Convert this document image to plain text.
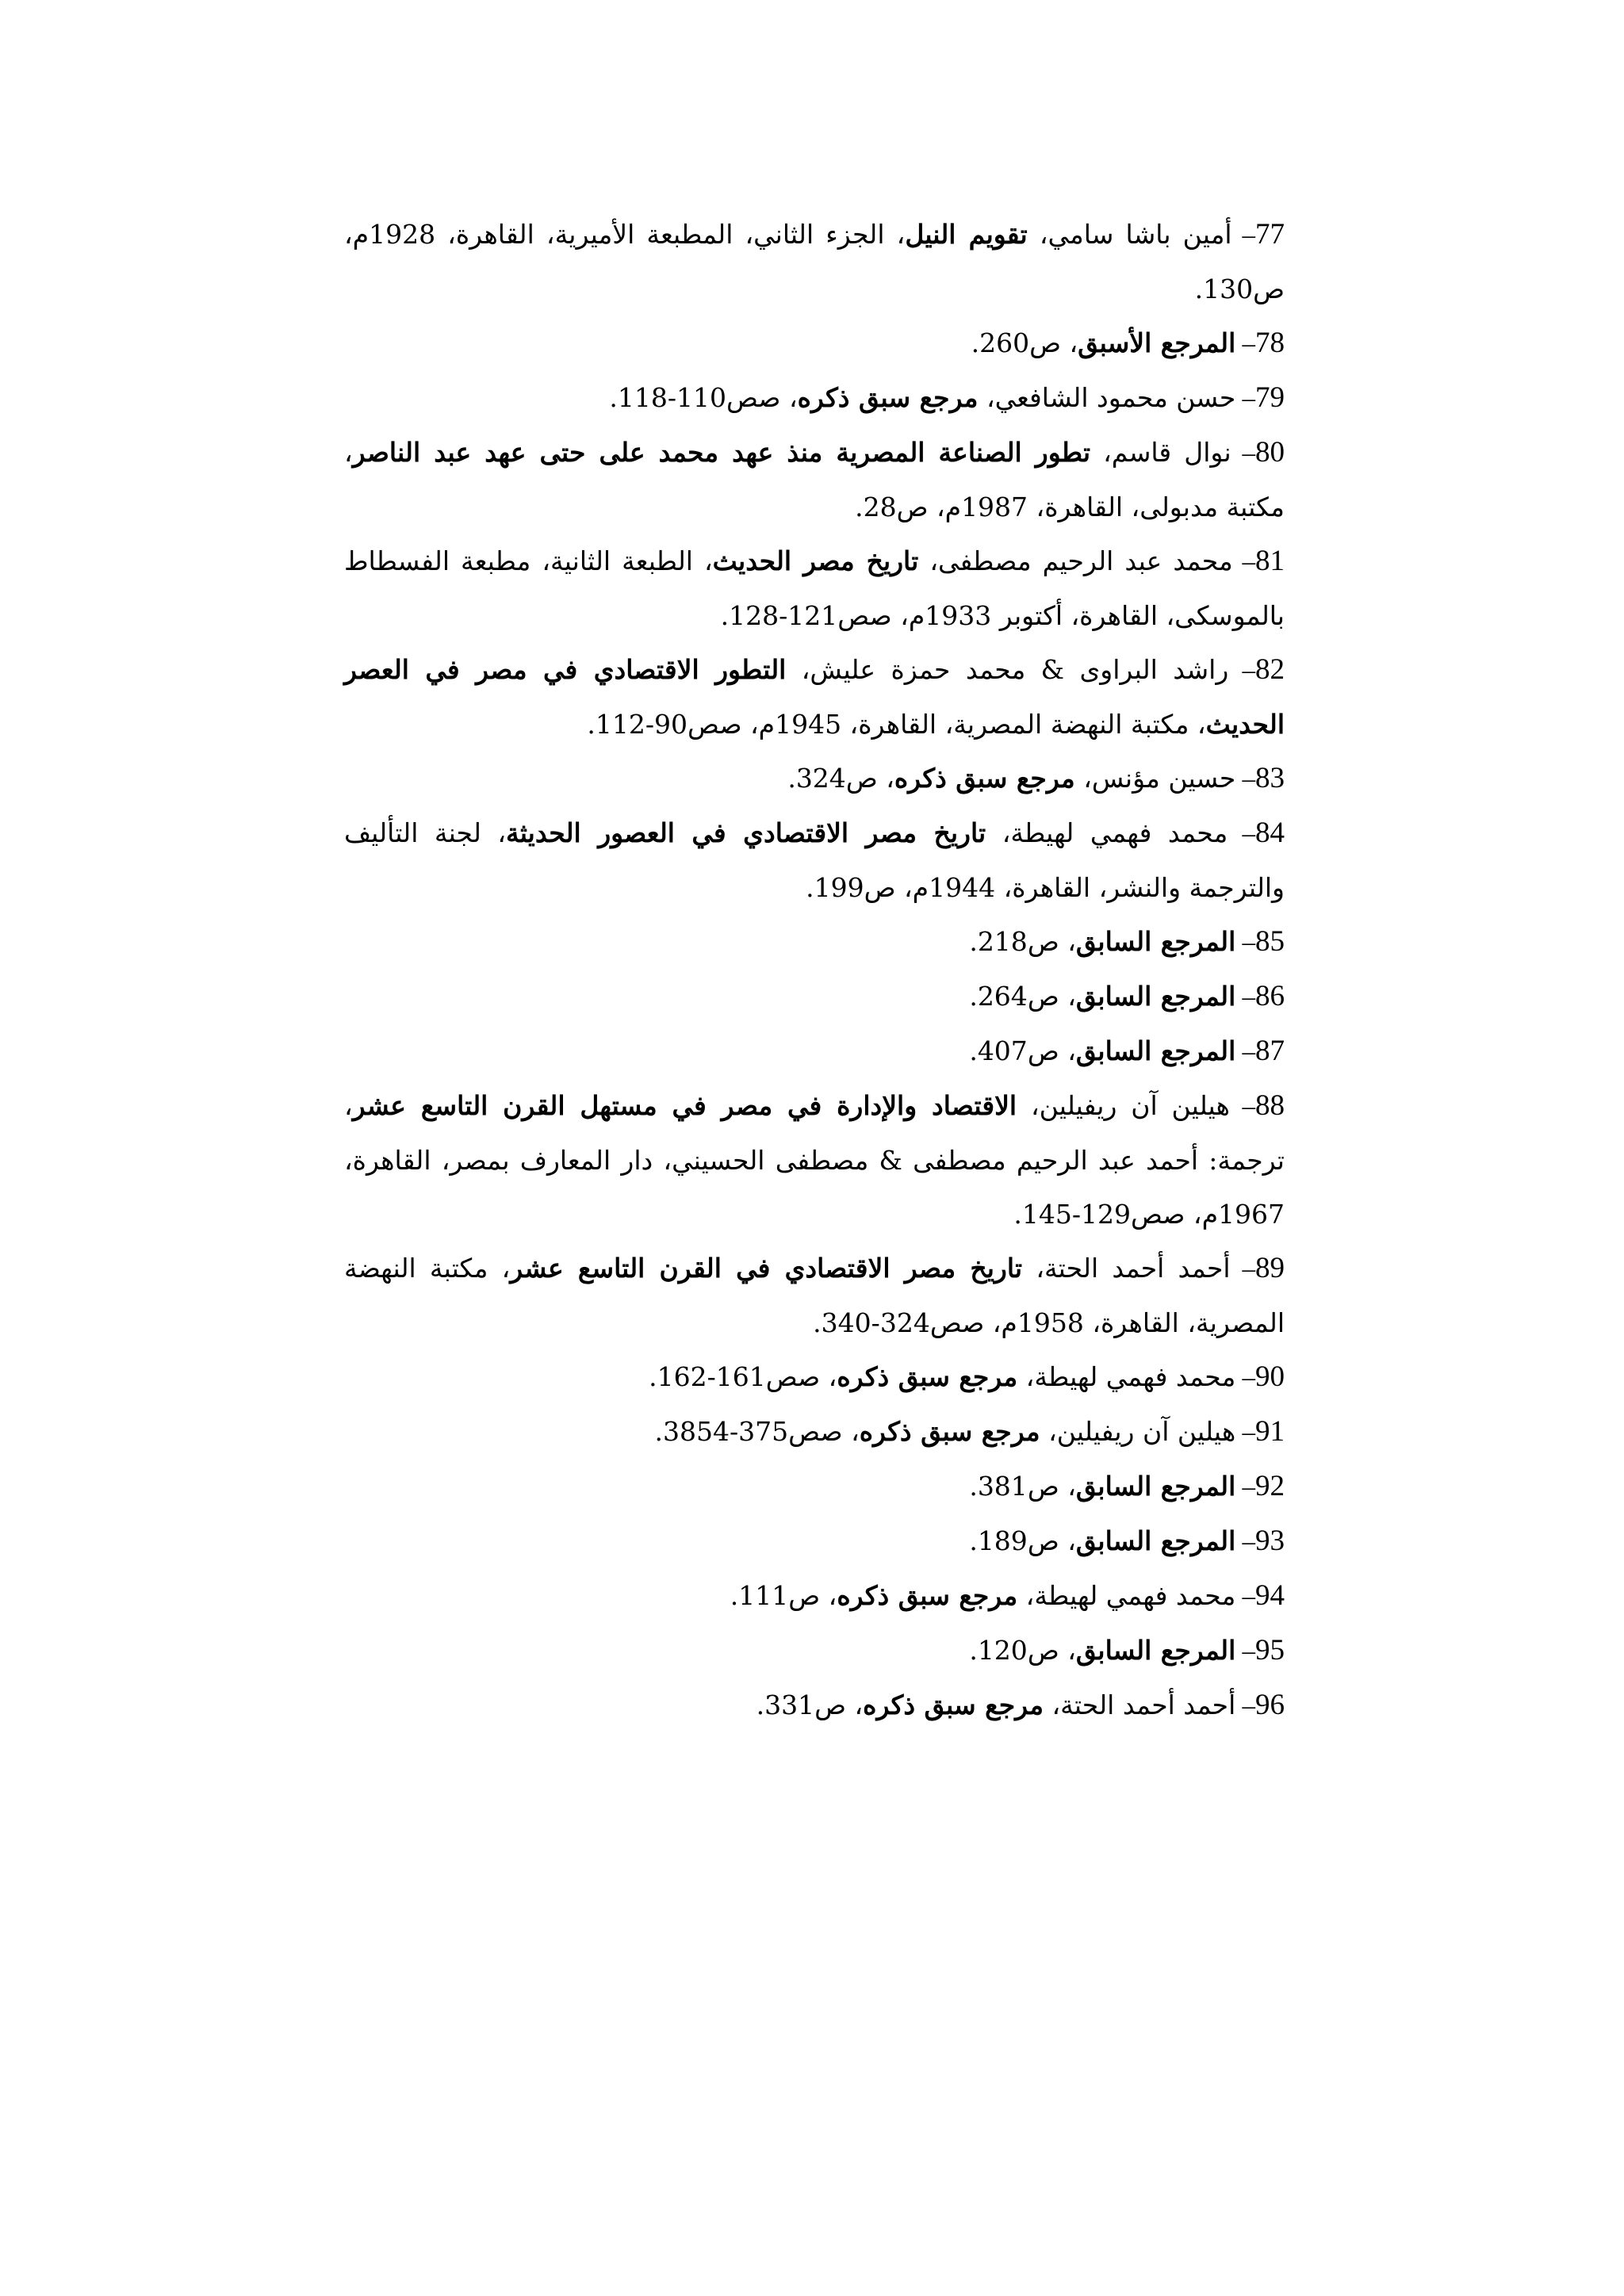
77– أمين باشا سامي، تقويم النيل، الجزء الثاني، المطبعة الأميرية، القاهرة، 1928م، ص130.

78– المرجع الأسبق، ص260.

79– حسن محمود الشافعي، مرجع سبق ذكره، صص110-118.

80– نوال قاسم، تطور الصناعة المصرية منذ عهد محمد على حتى عهد عبد الناصر، مكتبة مدبولى، القاهرة، 1987م، ص28.

81– محمد عبد الرحيم مصطفى، تاريخ مصر الحديث، الطبعة الثانية، مطبعة الفسطاط بالموسكى، القاهرة، أكتوبر 1933م، صص121-128.

82– راشد البراوى & محمد حمزة عليش، التطور الاقتصادي في مصر في العصر الحديث، مكتبة النهضة المصرية، القاهرة، 1945م، صص90-112.

83– حسين مؤنس، مرجع سبق ذكره، ص324.

84– محمد فهمي لهيطة، تاريخ مصر الاقتصادي في العصور الحديثة، لجنة التأليف والترجمة والنشر، القاهرة، 1944م، ص199.

85– المرجع السابق، ص218.

86– المرجع السابق، ص264.

87– المرجع السابق، ص407.

88– هيلين آن ريفيلين، الاقتصاد والإدارة في مصر في مستهل القرن التاسع عشر، ترجمة: أحمد عبد الرحيم مصطفى & مصطفى الحسيني، دار المعارف بمصر، القاهرة، 1967م، صص129-145.

89– أحمد أحمد الحتة، تاريخ مصر الاقتصادي في القرن التاسع عشر، مكتبة النهضة المصرية، القاهرة، 1958م، صص324-340.

90– محمد فهمي لهيطة، مرجع سبق ذكره، صص161-162.

91– هيلين آن ريفيلين، مرجع سبق ذكره، صص375-3854.

92– المرجع السابق، ص381.

93– المرجع السابق، ص189.

94– محمد فهمي لهيطة، مرجع سبق ذكره، ص111.

95– المرجع السابق، ص120.

96– أحمد أحمد الحتة، مرجع سبق ذكره، ص331.
